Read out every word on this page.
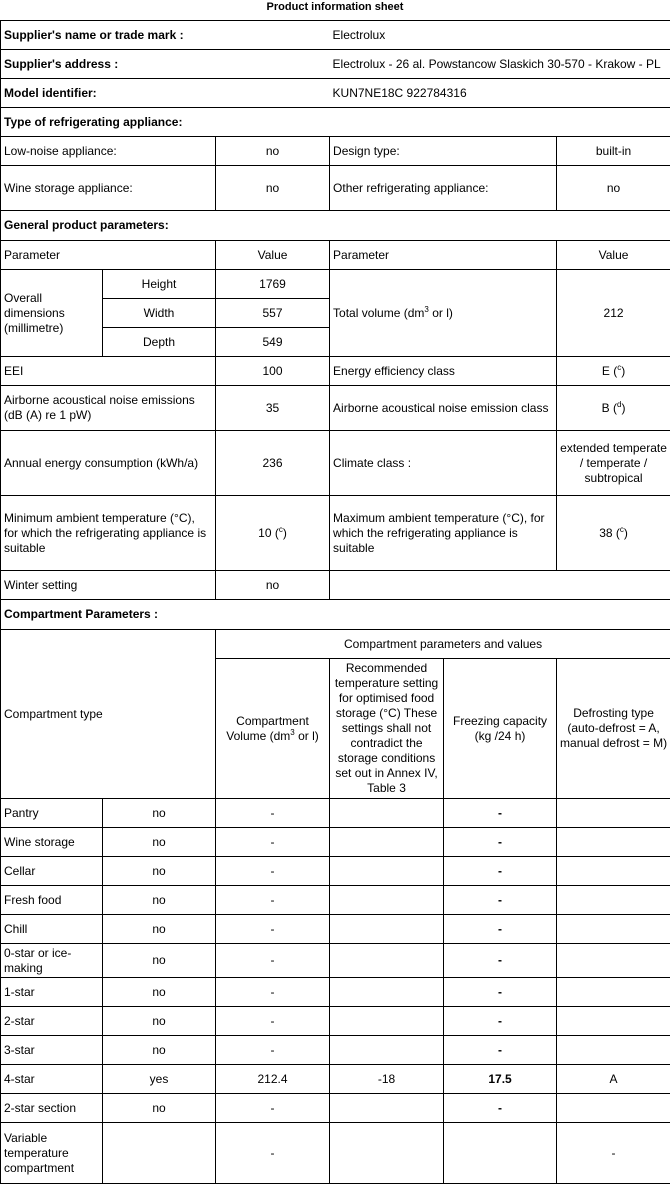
Product information sheet
Supplier's name or trade mark :			Electrolux		
Supplier's address :			Electrolux - 26 al. Powstancow Slaskich 30-570 - Krakow - PL		
Model identifier:			KUN7NE18C 922784316		
Type of refrigerating appliance:					
Low-noise appliance:		no	Design type:		built-in
Wine storage appliance:		no	Other refrigerating appliance:		no
General product parameters:					
Parameter		Value	Parameter		Value
Overall dimensions (millimetre)	Height	1769	Total volume ($dm^3$ or l)		212
	Width	557			
	Depth	549			
EEI		100	Energy efficiency class		E ($^c$)
Airborne acoustical noise emissions (dB (A) re 1 pW)		35	Airborne acoustical noise emission class		B ($^d$)
Annual energy consumption (kWh/a)		236	Climate class :		extended temperate / temperate / subtropical
Minimum ambient temperature (°C), for which the refrigerating appliance is suitable		10 ($^c$)	Maximum ambient temperature (°C), for which the refrigerating appliance is suitable		38 ($^c$)
Winter setting		no			
Compartment Parameters :					
Compartment type		Compartment parameters and values			
		Compartment Volume ($dm^3$ or l)	Recommended temperature setting for optimised food storage (°C) These settings shall not contradict the storage conditions set out in Annex IV, Table 3	Freezing capacity (kg /24 h)	Defrosting type (auto-defrost = A, manual defrost = M)
Pantry	no	-		-	
Wine storage	no	-		-	
Cellar	no	-		-	
Fresh food	no	-		-	
Chill	no	-		-	
0-star or ice-making	no	-		-	
1-star	no	-		-	
2-star	no	-		-	
3-star	no	-		-	
4-star	yes	212.4	-18	17.5	A
2-star section	no	-		-	
Variable temperature compartment		-			-
